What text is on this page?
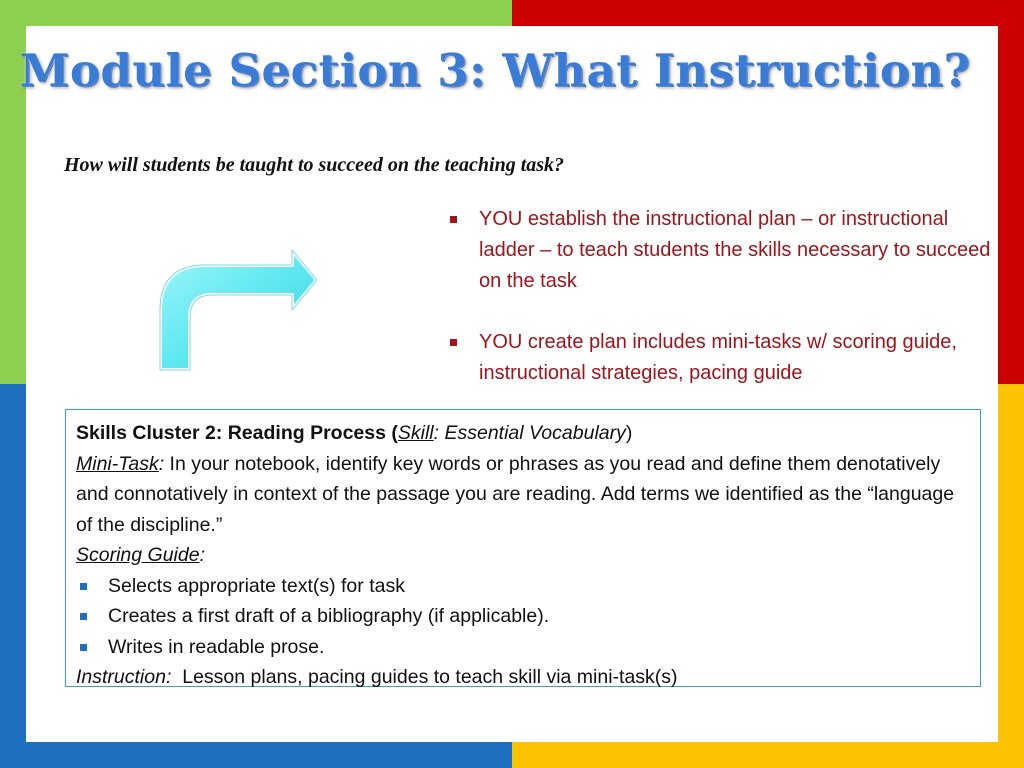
Module Section 3: What Instruction?
How will students be taught to succeed on the teaching task?
YOU establish the instructional plan – or instructional ladder – to teach students the skills necessary to succeed on the task
YOU create plan includes mini-tasks w/ scoring guide, instructional strategies, pacing guide

Skills Cluster 2: Reading Process (Skill: Essential Vocabulary)

Mini-Task: In your notebook, identify key words or phrases as you read and define them denotatively and connotatively in context of the passage you are reading. Add terms we identified as the “language of the discipline.”

Scoring Guide:

Selects appropriate text(s) for task
Creates a first draft of a bibliography (if applicable).
Writes in readable prose.

Instruction:  Lesson plans, pacing guides to teach skill via mini-task(s)
